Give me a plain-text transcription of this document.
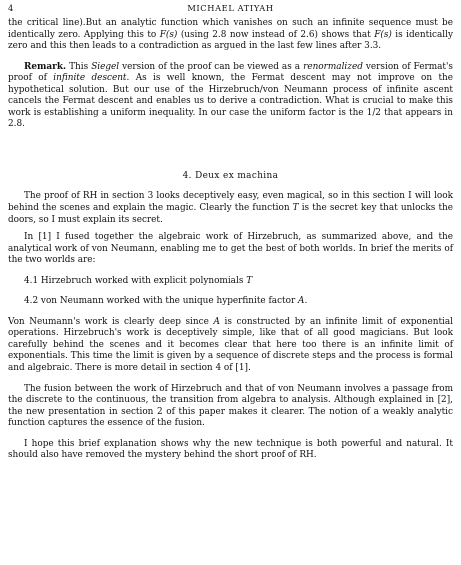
4	MICHAEL ATIYAH

the critical line).But an analytic function which vanishes on such an infinite sequence must be identically zero. Applying this to F(s) (using 2.8 now instead of 2.6) shows that F(s) is identically zero and this then leads to a contradiction as argued in the last few lines after 3.3.

Remark. This Siegel version of the proof can be viewed as a renormalized version of Fermat's proof of infinite descent. As is well known, the Fermat descent may not improve on the hypothetical solution. But our use of the Hirzebruch/von Neumann process of infinite ascent cancels the Fermat descent and enables us to derive a contradiction. What is crucial to make this work is establishing a uniform inequality. In our case the uniform factor is the 1/2 that appears in 2.8.

4. Deux ex machina

The proof of RH in section 3 looks deceptively easy, even magical, so in this section I will look behind the scenes and explain the magic. Clearly the function T is the secret key that unlocks the doors, so I must explain its secret.

In [1] I fused together the algebraic work of Hirzebruch, as summarized above, and the analytical work of von Neumann, enabling me to get the best of both worlds. In brief the merits of the two worlds are:

4.1 Hirzebruch worked with explicit polynomials T

4.2 von Neumann worked with the unique hyperfinite factor A.

Von Neumann's work is clearly deep since A is constructed by an infinite limit of exponential operations. Hirzebruch's work is deceptively simple, like that of all good magicians. But look carefully behind the scenes and it becomes clear that here too there is an infinite limit of exponentials. This time the limit is given by a sequence of discrete steps and the process is formal and algebraic. There is more detail in section 4 of [1].

The fusion between the work of Hirzebruch and that of von Neumann involves a passage from the discrete to the continuous, the transition from algebra to analysis. Although explained in [2], the new presentation in section 2 of this paper makes it clearer. The notion of a weakly analytic function captures the essence of the fusion.

I hope this brief explanation shows why the new technique is both powerful and natural. It should also have removed the mystery behind the short proof of RH.
